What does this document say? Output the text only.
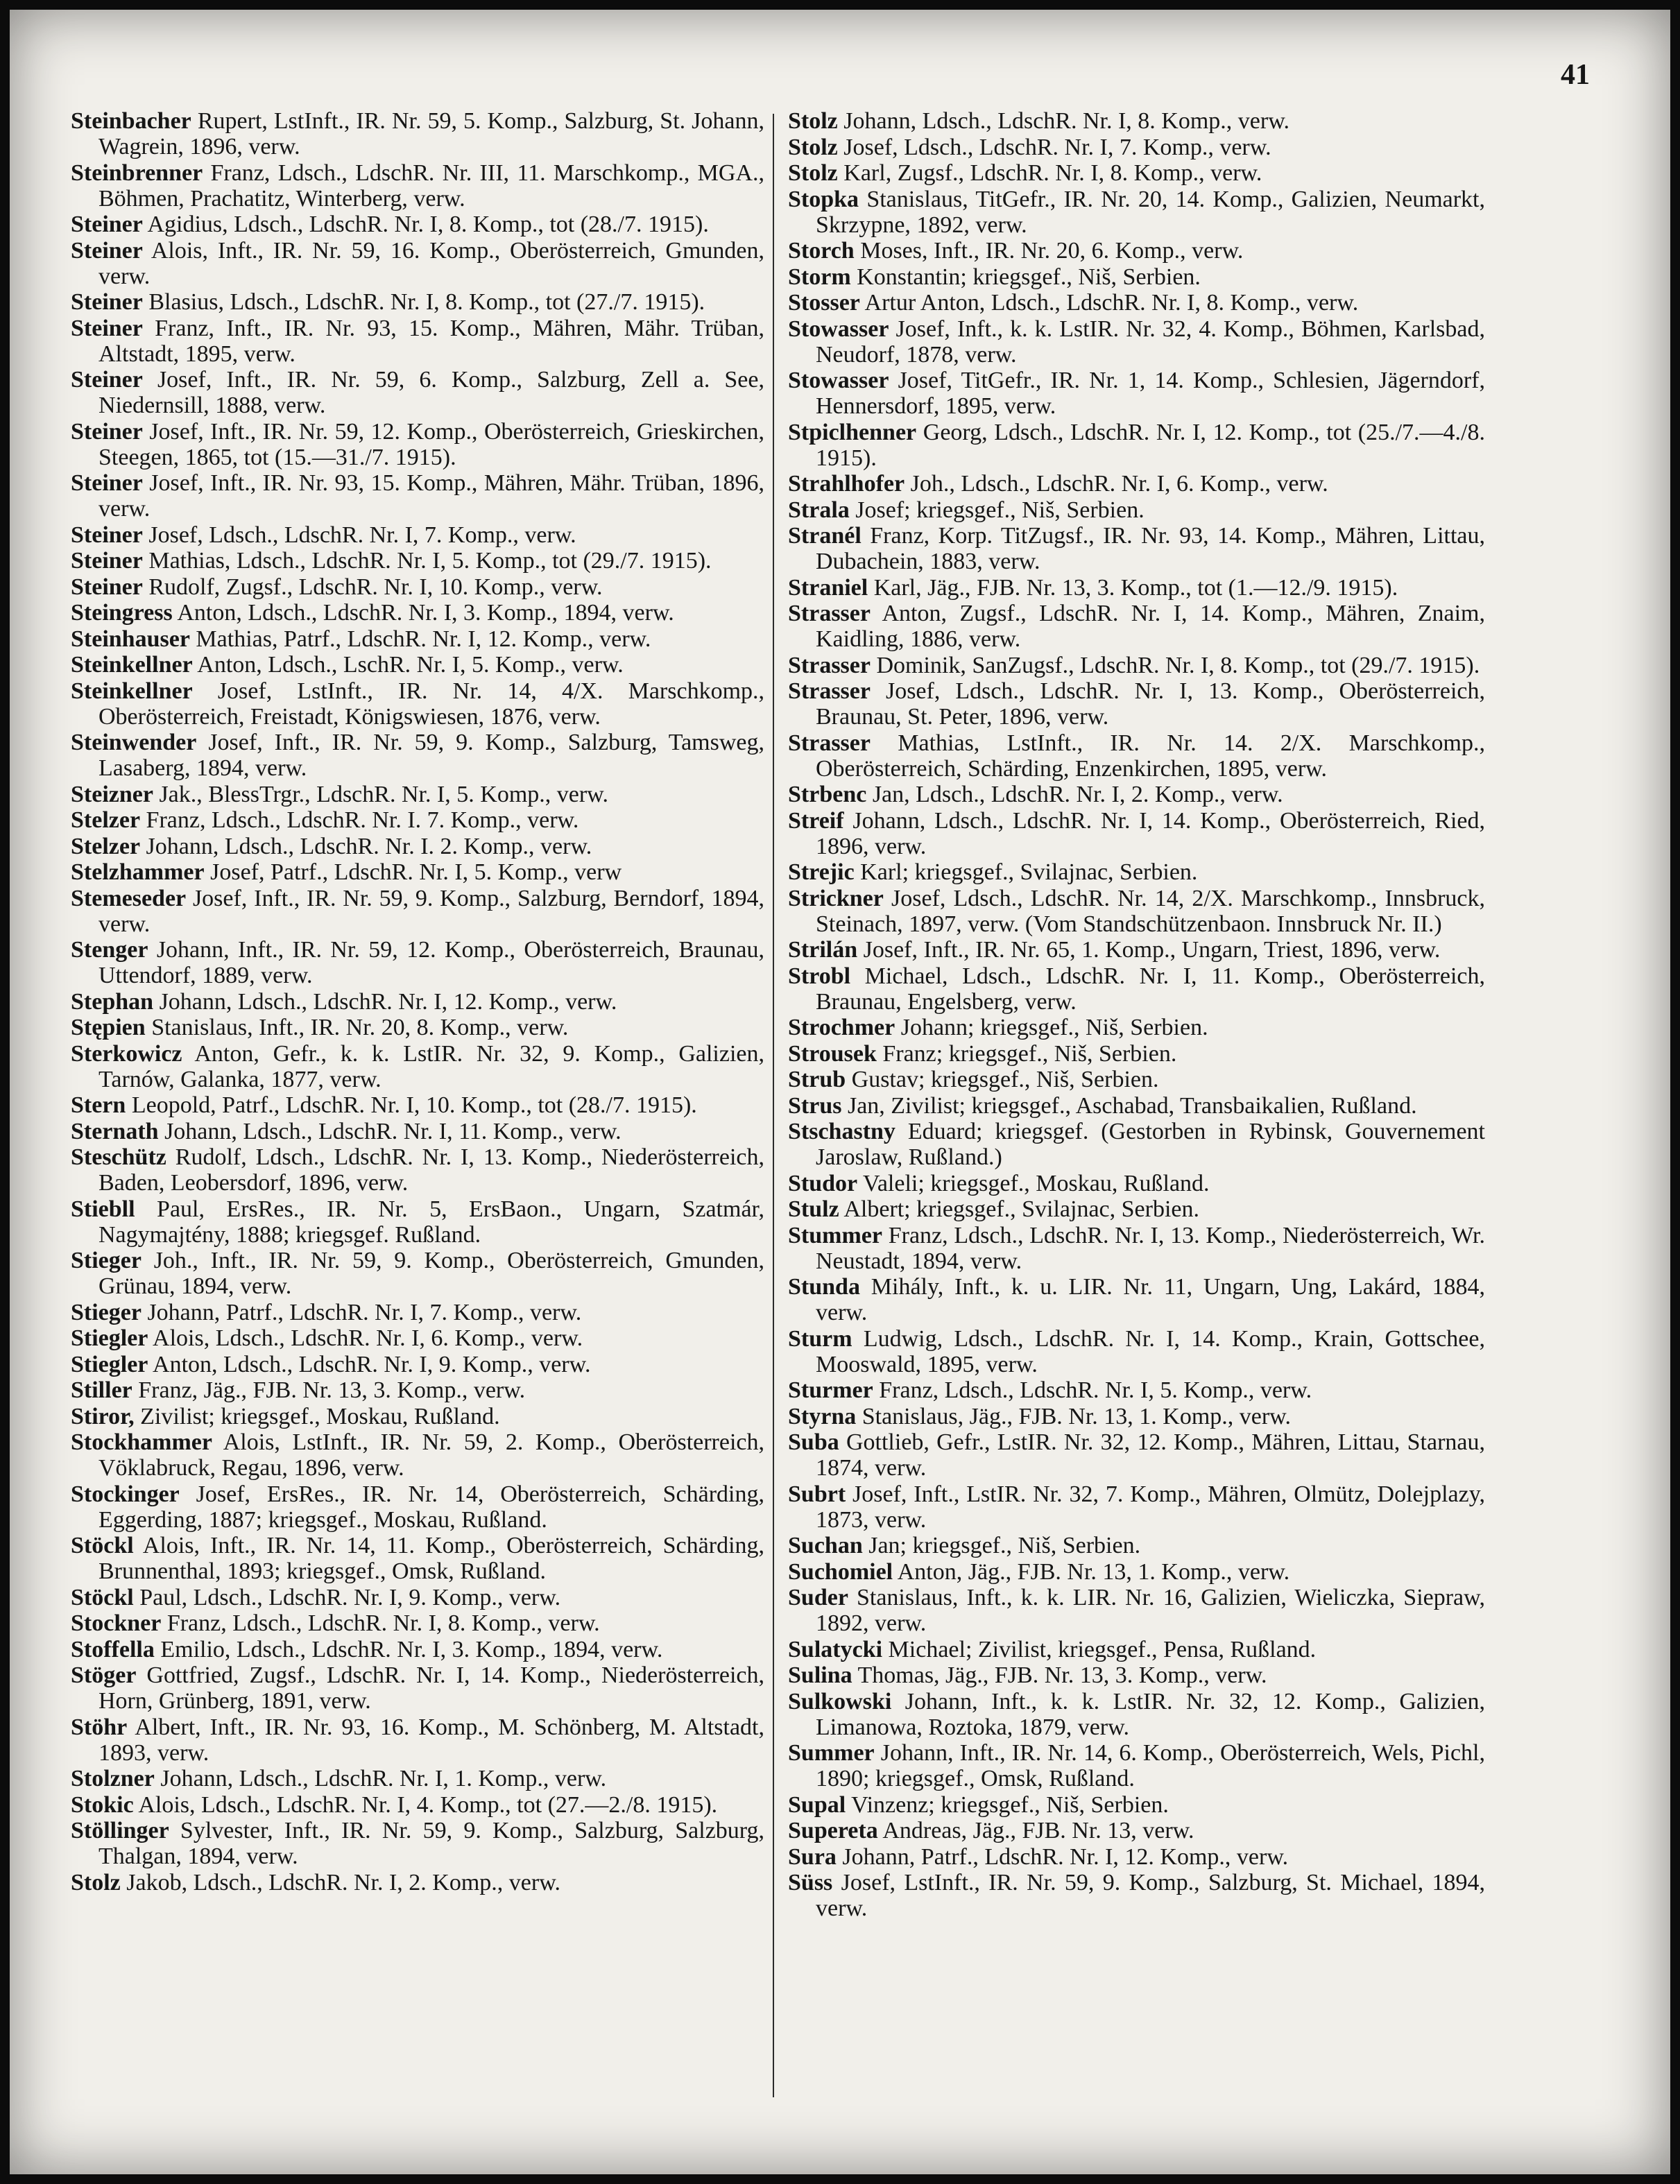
41

Steinbacher Rupert, LstInft., IR. Nr. 59, 5. Komp., Salzburg, St. Johann, Wagrein, 1896, verw.

Steinbrenner Franz, Ldsch., LdschR. Nr. III, 11. Marschkomp., MGA., Böhmen, Prachatitz, Winterberg, verw.

Steiner Agidius, Ldsch., LdschR. Nr. I, 8. Komp., tot (28./7. 1915).

Steiner Alois, Inft., IR. Nr. 59, 16. Komp., Oberösterreich, Gmunden, verw.

Steiner Blasius, Ldsch., LdschR. Nr. I, 8. Komp., tot (27./7. 1915).

Steiner Franz, Inft., IR. Nr. 93, 15. Komp., Mähren, Mähr. Trüban, Altstadt, 1895, verw.

Steiner Josef, Inft., IR. Nr. 59, 6. Komp., Salzburg, Zell a. See, Niedernsill, 1888, verw.

Steiner Josef, Inft., IR. Nr. 59, 12. Komp., Oberösterreich, Grieskirchen, Steegen, 1865, tot (15.—31./7. 1915).

Steiner Josef, Inft., IR. Nr. 93, 15. Komp., Mähren, Mähr. Trüban, 1896, verw.

Steiner Josef, Ldsch., LdschR. Nr. I, 7. Komp., verw.

Steiner Mathias, Ldsch., LdschR. Nr. I, 5. Komp., tot (29./7. 1915).

Steiner Rudolf, Zugsf., LdschR. Nr. I, 10. Komp., verw.

Steingress Anton, Ldsch., LdschR. Nr. I, 3. Komp., 1894, verw.

Steinhauser Mathias, Patrf., LdschR. Nr. I, 12. Komp., verw.

Steinkellner Anton, Ldsch., LschR. Nr. I, 5. Komp., verw.

Steinkellner Josef, LstInft., IR. Nr. 14, 4/X. Marschkomp., Oberösterreich, Freistadt, Königswiesen, 1876, verw.

Steinwender Josef, Inft., IR. Nr. 59, 9. Komp., Salzburg, Tamsweg, Lasaberg, 1894, verw.

Steizner Jak., BlessTrgr., LdschR. Nr. I, 5. Komp., verw.

Stelzer Franz, Ldsch., LdschR. Nr. I. 7. Komp., verw.

Stelzer Johann, Ldsch., LdschR. Nr. I. 2. Komp., verw.

Stelzhammer Josef, Patrf., LdschR. Nr. I, 5. Komp., verw

Stemeseder Josef, Inft., IR. Nr. 59, 9. Komp., Salzburg, Berndorf, 1894, verw.

Stenger Johann, Inft., IR. Nr. 59, 12. Komp., Oberösterreich, Braunau, Uttendorf, 1889, verw.

Stephan Johann, Ldsch., LdschR. Nr. I, 12. Komp., verw.

Stępien Stanislaus, Inft., IR. Nr. 20, 8. Komp., verw.

Sterkowicz Anton, Gefr., k. k. LstIR. Nr. 32, 9. Komp., Galizien, Tarnów, Galanka, 1877, verw.

Stern Leopold, Patrf., LdschR. Nr. I, 10. Komp., tot (28./7. 1915).

Sternath Johann, Ldsch., LdschR. Nr. I, 11. Komp., verw.

Steschütz Rudolf, Ldsch., LdschR. Nr. I, 13. Komp., Niederösterreich, Baden, Leobersdorf, 1896, verw.

Stiebll Paul, ErsRes., IR. Nr. 5, ErsBaon., Ungarn, Szatmár, Nagymajtény, 1888; kriegsgef. Rußland.

Stieger Joh., Inft., IR. Nr. 59, 9. Komp., Oberösterreich, Gmunden, Grünau, 1894, verw.

Stieger Johann, Patrf., LdschR. Nr. I, 7. Komp., verw.

Stiegler Alois, Ldsch., LdschR. Nr. I, 6. Komp., verw.

Stiegler Anton, Ldsch., LdschR. Nr. I, 9. Komp., verw.

Stiller Franz, Jäg., FJB. Nr. 13, 3. Komp., verw.

Stiror, Zivilist; kriegsgef., Moskau, Rußland.

Stockhammer Alois, LstInft., IR. Nr. 59, 2. Komp., Oberösterreich, Vöklabruck, Regau, 1896, verw.

Stockinger Josef, ErsRes., IR. Nr. 14, Oberösterreich, Schärding, Eggerding, 1887; kriegsgef., Moskau, Rußland.

Stöckl Alois, Inft., IR. Nr. 14, 11. Komp., Oberösterreich, Schärding, Brunnenthal, 1893; kriegsgef., Omsk, Rußland.

Stöckl Paul, Ldsch., LdschR. Nr. I, 9. Komp., verw.

Stockner Franz, Ldsch., LdschR. Nr. I, 8. Komp., verw.

Stoffella Emilio, Ldsch., LdschR. Nr. I, 3. Komp., 1894, verw.

Stöger Gottfried, Zugsf., LdschR. Nr. I, 14. Komp., Niederösterreich, Horn, Grünberg, 1891, verw.

Stöhr Albert, Inft., IR. Nr. 93, 16. Komp., M. Schönberg, M. Altstadt, 1893, verw.

Stolzner Johann, Ldsch., LdschR. Nr. I, 1. Komp., verw.

Stokic Alois, Ldsch., LdschR. Nr. I, 4. Komp., tot (27.—2./8. 1915).

Stöllinger Sylvester, Inft., IR. Nr. 59, 9. Komp., Salzburg, Salzburg, Thalgan, 1894, verw.

Stolz Jakob, Ldsch., LdschR. Nr. I, 2. Komp., verw.

Stolz Johann, Ldsch., LdschR. Nr. I, 8. Komp., verw.

Stolz Josef, Ldsch., LdschR. Nr. I, 7. Komp., verw.

Stolz Karl, Zugsf., LdschR. Nr. I, 8. Komp., verw.

Stopka Stanislaus, TitGefr., IR. Nr. 20, 14. Komp., Galizien, Neumarkt, Skrzypne, 1892, verw.

Storch Moses, Inft., IR. Nr. 20, 6. Komp., verw.

Storm Konstantin; kriegsgef., Niš, Serbien.

Stosser Artur Anton, Ldsch., LdschR. Nr. I, 8. Komp., verw.

Stowasser Josef, Inft., k. k. LstIR. Nr. 32, 4. Komp., Böhmen, Karlsbad, Neudorf, 1878, verw.

Stowasser Josef, TitGefr., IR. Nr. 1, 14. Komp., Schlesien, Jägerndorf, Hennersdorf, 1895, verw.

Stpiclhenner Georg, Ldsch., LdschR. Nr. I, 12. Komp., tot (25./7.—4./8. 1915).

Strahlhofer Joh., Ldsch., LdschR. Nr. I, 6. Komp., verw.

Strala Josef; kriegsgef., Niš, Serbien.

Stranél Franz, Korp. TitZugsf., IR. Nr. 93, 14. Komp., Mähren, Littau, Dubachein, 1883, verw.

Straniel Karl, Jäg., FJB. Nr. 13, 3. Komp., tot (1.—12./9. 1915).

Strasser Anton, Zugsf., LdschR. Nr. I, 14. Komp., Mähren, Znaim, Kaidling, 1886, verw.

Strasser Dominik, SanZugsf., LdschR. Nr. I, 8. Komp., tot (29./7. 1915).

Strasser Josef, Ldsch., LdschR. Nr. I, 13. Komp., Oberösterreich, Braunau, St. Peter, 1896, verw.

Strasser Mathias, LstInft., IR. Nr. 14. 2/X. Marschkomp., Oberösterreich, Schärding, Enzenkirchen, 1895, verw.

Strbenc Jan, Ldsch., LdschR. Nr. I, 2. Komp., verw.

Streif Johann, Ldsch., LdschR. Nr. I, 14. Komp., Oberösterreich, Ried, 1896, verw.

Strejic Karl; kriegsgef., Svilajnac, Serbien.

Strickner Josef, Ldsch., LdschR. Nr. 14, 2/X. Marschkomp., Innsbruck, Steinach, 1897, verw. (Vom Standschützenbaon. Innsbruck Nr. II.)

Strilán Josef, Inft., IR. Nr. 65, 1. Komp., Ungarn, Triest, 1896, verw.

Strobl Michael, Ldsch., LdschR. Nr. I, 11. Komp., Oberösterreich, Braunau, Engelsberg, verw.

Strochmer Johann; kriegsgef., Niš, Serbien.

Strousek Franz; kriegsgef., Niš, Serbien.

Strub Gustav; kriegsgef., Niš, Serbien.

Strus Jan, Zivilist; kriegsgef., Aschabad, Transbaikalien, Rußland.

Stschastny Eduard; kriegsgef. (Gestorben in Rybinsk, Gouvernement Jaroslaw, Rußland.)

Studor Valeli; kriegsgef., Moskau, Rußland.

Stulz Albert; kriegsgef., Svilajnac, Serbien.

Stummer Franz, Ldsch., LdschR. Nr. I, 13. Komp., Niederösterreich, Wr. Neustadt, 1894, verw.

Stunda Mihály, Inft., k. u. LIR. Nr. 11, Ungarn, Ung, Lakárd, 1884, verw.

Sturm Ludwig, Ldsch., LdschR. Nr. I, 14. Komp., Krain, Gottschee, Mooswald, 1895, verw.

Sturmer Franz, Ldsch., LdschR. Nr. I, 5. Komp., verw.

Styrna Stanislaus, Jäg., FJB. Nr. 13, 1. Komp., verw.

Suba Gottlieb, Gefr., LstIR. Nr. 32, 12. Komp., Mähren, Littau, Starnau, 1874, verw.

Subrt Josef, Inft., LstIR. Nr. 32, 7. Komp., Mähren, Olmütz, Dolejplazy, 1873, verw.

Suchan Jan; kriegsgef., Niš, Serbien.

Suchomiel Anton, Jäg., FJB. Nr. 13, 1. Komp., verw.

Suder Stanislaus, Inft., k. k. LIR. Nr. 16, Galizien, Wieliczka, Siepraw, 1892, verw.

Sulatycki Michael; Zivilist, kriegsgef., Pensa, Rußland.

Sulina Thomas, Jäg., FJB. Nr. 13, 3. Komp., verw.

Sulkowski Johann, Inft., k. k. LstIR. Nr. 32, 12. Komp., Galizien, Limanowa, Roztoka, 1879, verw.

Summer Johann, Inft., IR. Nr. 14, 6. Komp., Oberösterreich, Wels, Pichl, 1890; kriegsgef., Omsk, Rußland.

Supal Vinzenz; kriegsgef., Niš, Serbien.

Supereta Andreas, Jäg., FJB. Nr. 13, verw.

Sura Johann, Patrf., LdschR. Nr. I, 12. Komp., verw.

Süss Josef, LstInft., IR. Nr. 59, 9. Komp., Salzburg, St. Michael, 1894, verw.
